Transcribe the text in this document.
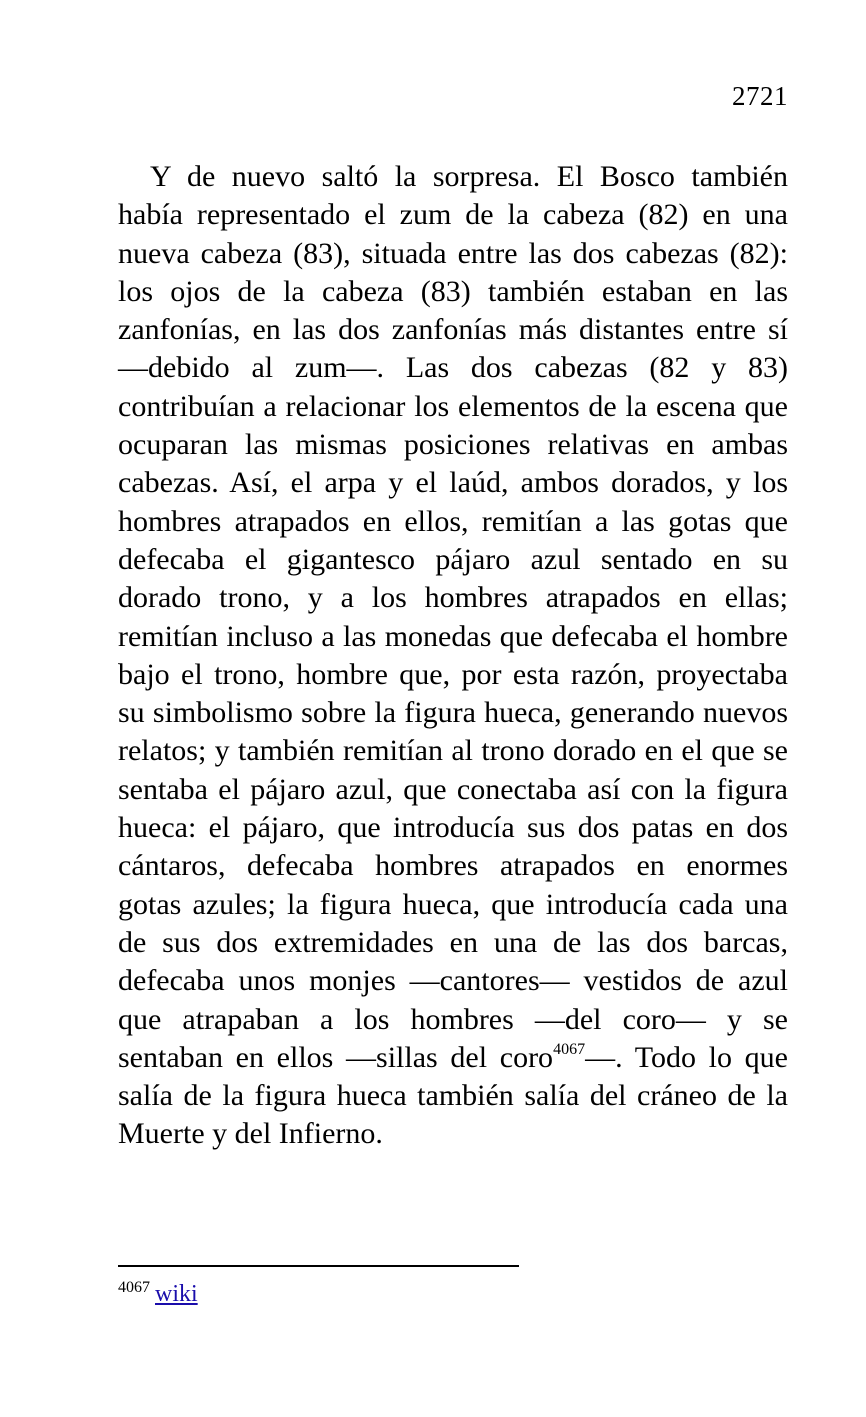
2721

Y de nuevo saltó la sorpresa. El Bosco también había representado el zum de la cabeza (82) en una nueva cabeza (83), situada entre las dos cabezas (82): los ojos de la cabeza (83) también estaban en las zanfonías, en las dos zanfonías más distantes entre sí —debido al zum—. Las dos cabezas (82 y 83) contribuían a relacionar los elementos de la escena que ocuparan las mismas posiciones relativas en ambas cabezas. Así, el arpa y el laúd, ambos dorados, y los hombres atrapados en ellos, remitían a las gotas que defecaba el gigantesco pájaro azul sentado en su dorado trono, y a los hombres atrapados en ellas; remitían incluso a las monedas que defecaba el hombre bajo el trono, hombre que, por esta razón, proyectaba su simbolismo sobre la figura hueca, generando nuevos relatos; y también remitían al trono dorado en el que se sentaba el pájaro azul, que conectaba así con la figura hueca: el pájaro, que introducía sus dos patas en dos cántaros, defecaba hombres atrapados en enormes gotas azules; la figura hueca, que introducía cada una de sus dos extremidades en una de las dos barcas, defecaba unos monjes —cantores— vestidos de azul que atrapaban a los hombres —del coro— y se sentaban en ellos —sillas del coro$^{4067}$—. Todo lo que salía de la figura hueca también salía del cráneo de la Muerte y del Infierno.

$^{4067}$ wiki
